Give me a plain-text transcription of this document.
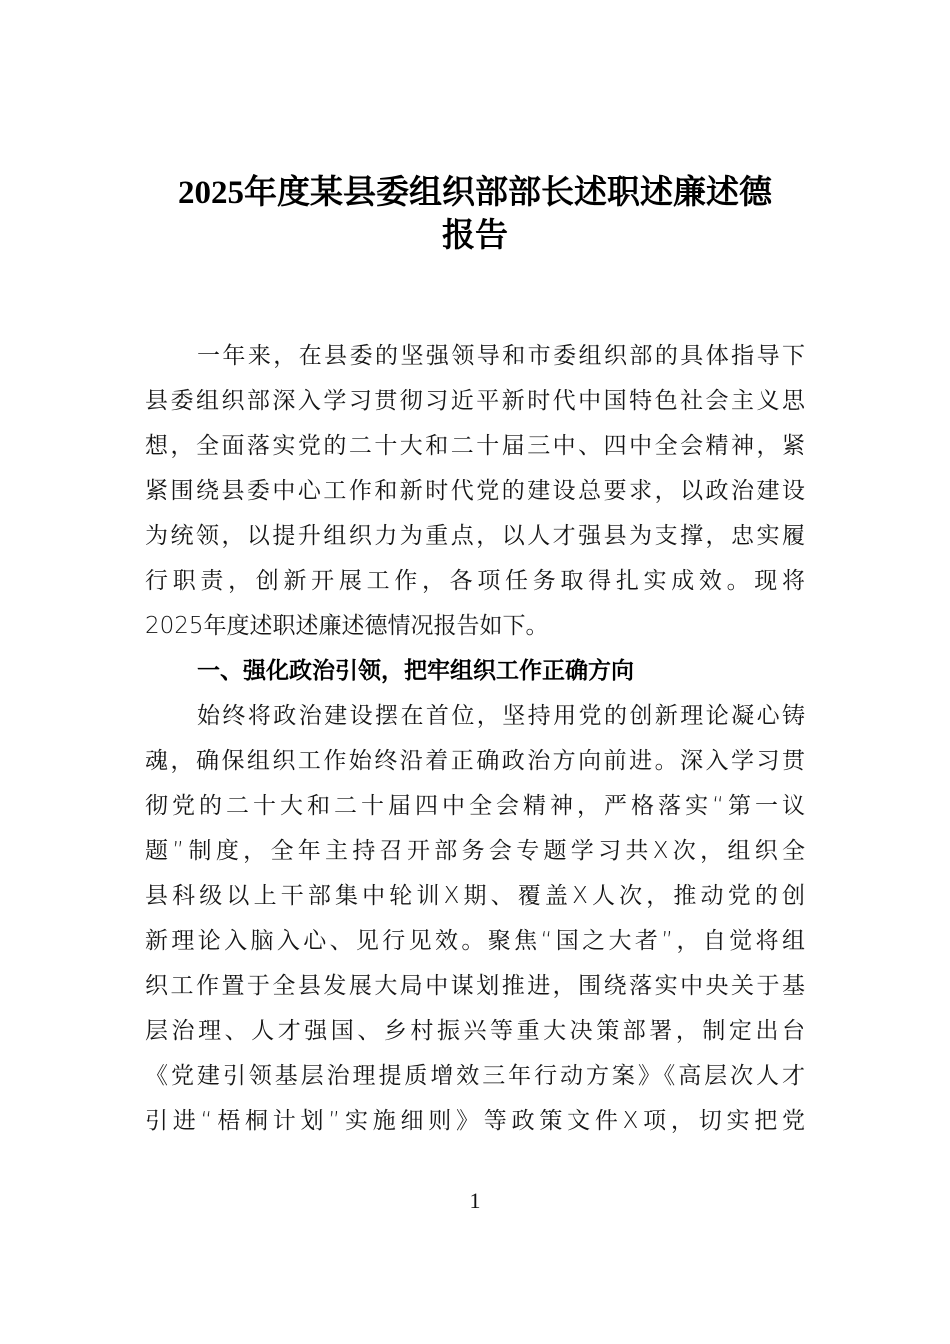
2025年度某县委组织部部长述职述廉述德
报告
一年来，在县委的坚强领导和市委组织部的具体指导下
县委组织部深入学习贯彻习近平新时代中国特色社会主义思
想，全面落实党的二十大和二十届三中、四中全会精神，紧
紧围绕县委中心工作和新时代党的建设总要求，以政治建设
为统领，以提升组织力为重点，以人才强县为支撑，忠实履
行职责，创新开展工作，各项任务取得扎实成效。现将
2025年度述职述廉述德情况报告如下。
一、强化政治引领，把牢组织工作正确方向
始终将政治建设摆在首位，坚持用党的创新理论凝心铸
魂，确保组织工作始终沿着正确政治方向前进。深入学习贯
彻党的二十大和二十届四中全会精神，严格落实“第一议
题”制度，全年主持召开部务会专题学习共X次，组织全
县科级以上干部集中轮训X期、覆盖X人次，推动党的创
新理论入脑入心、见行见效。聚焦“国之大者”，自觉将组
织工作置于全县发展大局中谋划推进，围绕落实中央关于基
层治理、人才强国、乡村振兴等重大决策部署，制定出台
《党建引领基层治理提质增效三年行动方案》《高层次人才
引进“梧桐计划”实施细则》等政策文件X项，切实把党
1
